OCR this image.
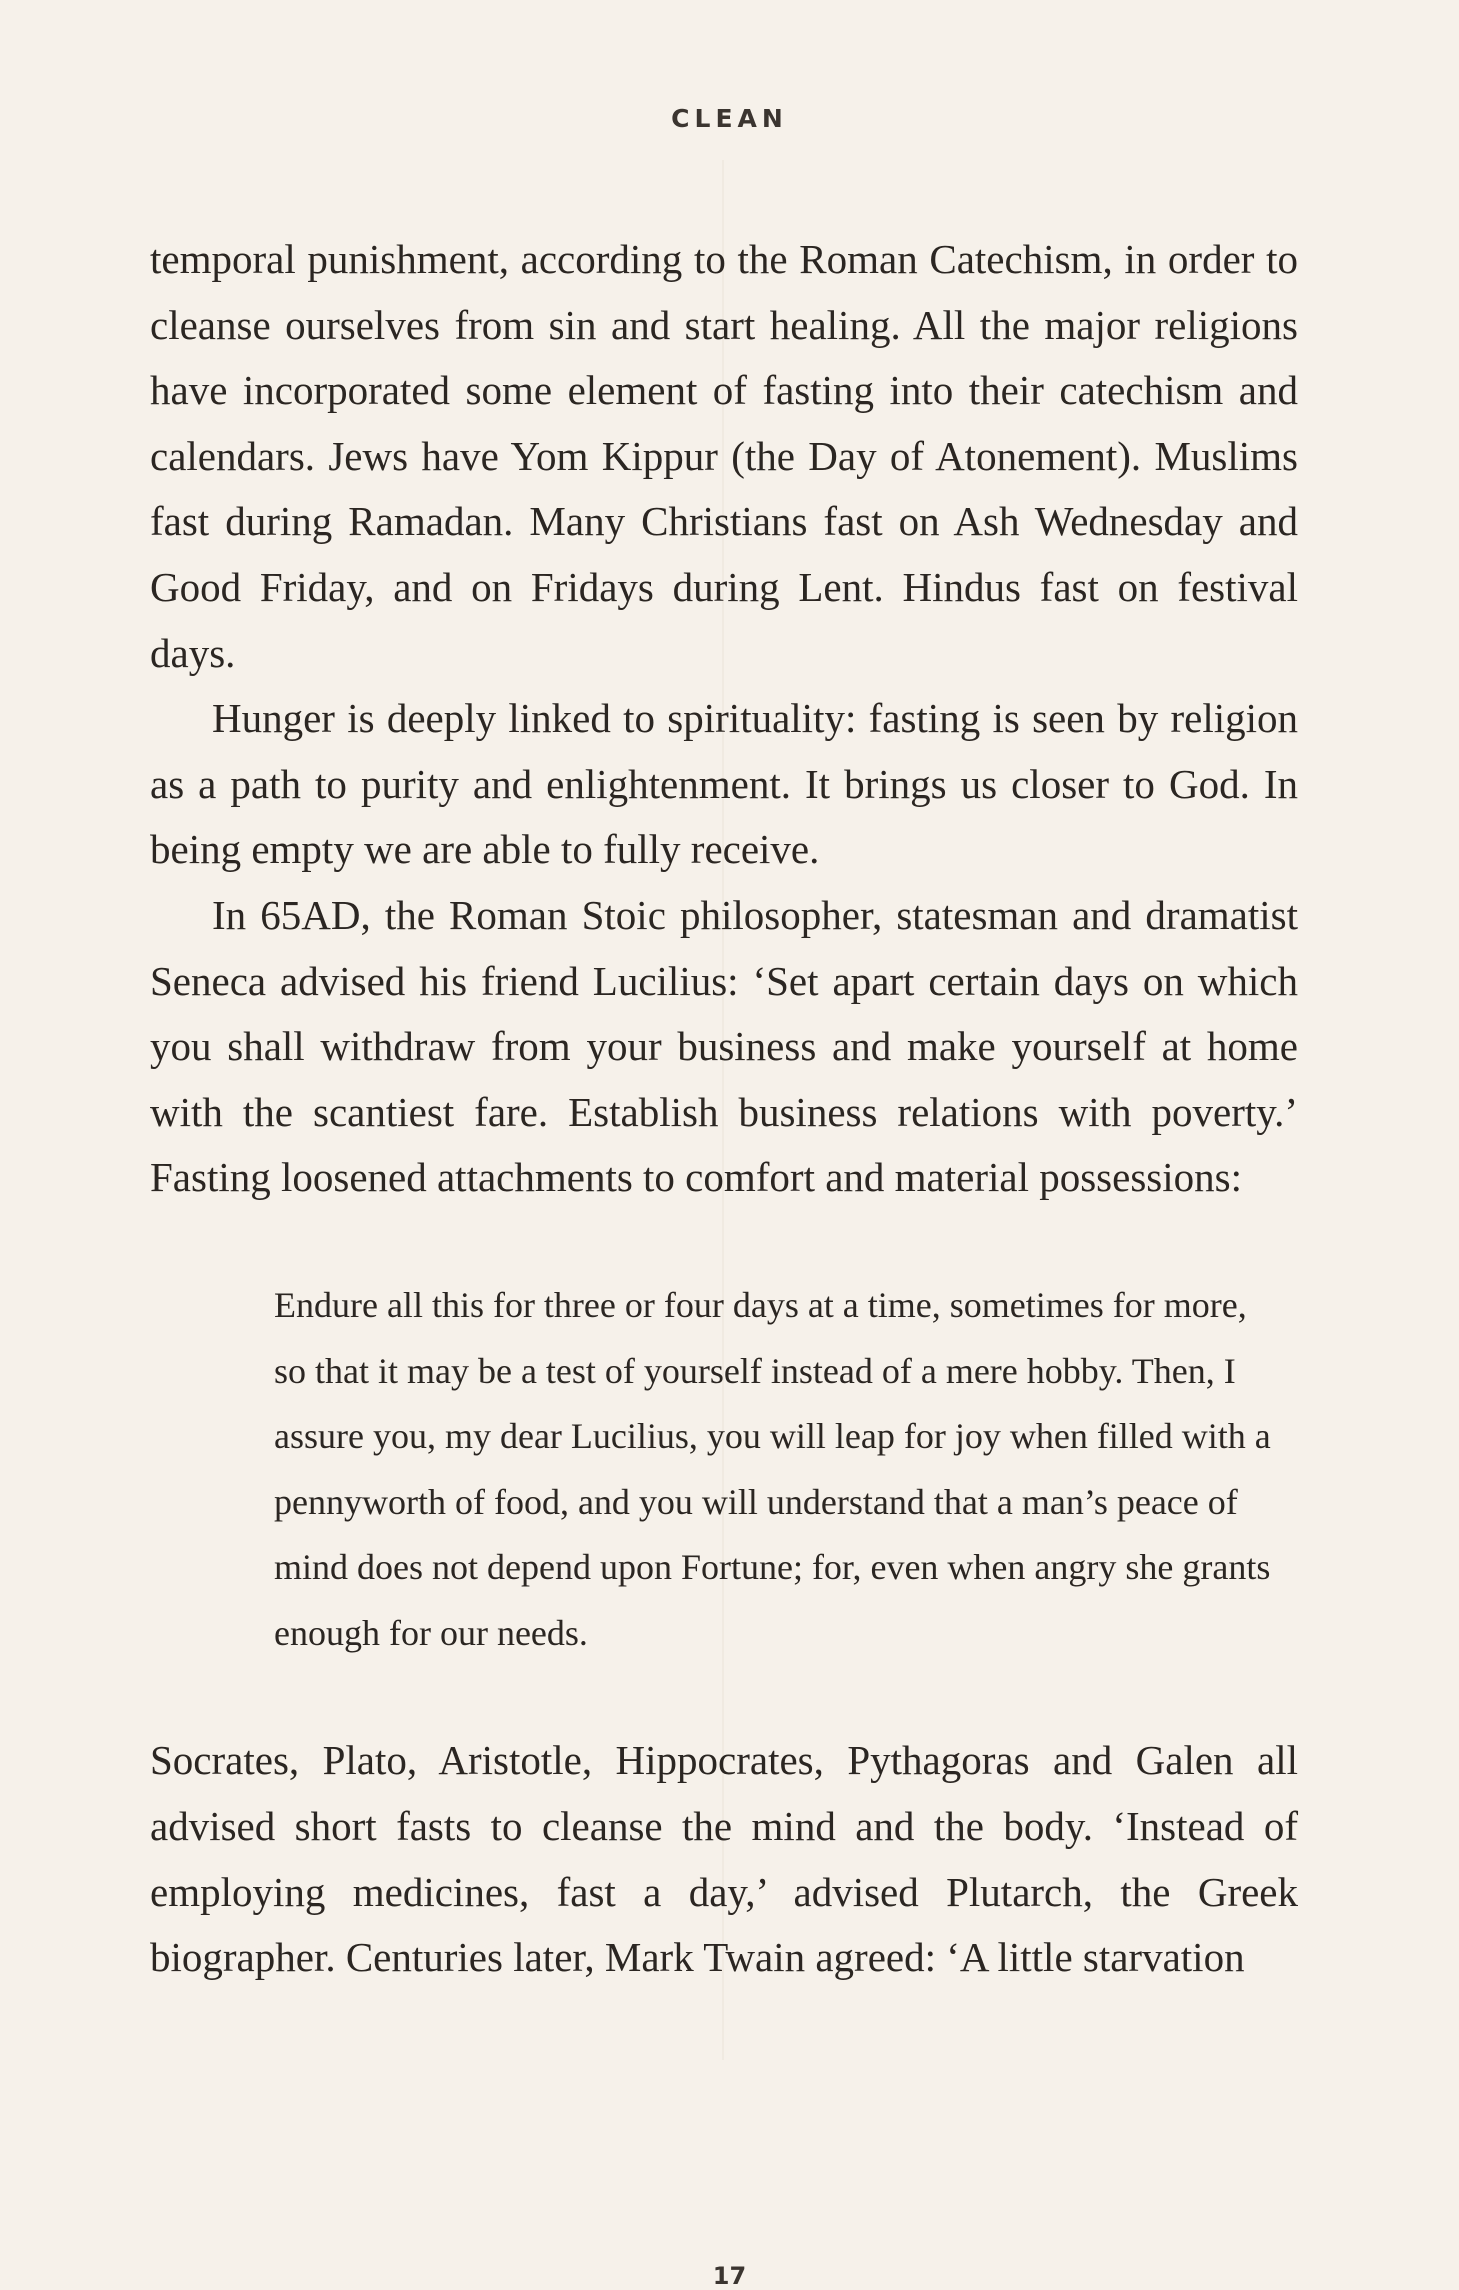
CLEAN

temporal punishment, according to the Roman Catechism, in order to cleanse ourselves from sin and start healing. All the major religions have incorporated some element of fasting into their catechism and calendars. Jews have Yom Kippur (the Day of Atonement). Muslims fast during Ramadan. Many Christians fast on Ash Wednesday and Good Friday, and on Fridays during Lent. Hindus fast on festival days.

Hunger is deeply linked to spirituality: fasting is seen by religion as a path to purity and enlightenment. It brings us closer to God. In being empty we are able to fully receive.

In 65AD, the Roman Stoic philosopher, statesman and dramatist Seneca advised his friend Lucilius: ‘Set apart certain days on which you shall withdraw from your business and make yourself at home with the scantiest fare. Establish business relations with poverty.’ Fasting loosened attachments to comfort and material possessions:

Endure all this for three or four days at a time, sometimes for more, so that it may be a test of yourself instead of a mere hobby. Then, I assure you, my dear Lucilius, you will leap for joy when filled with a pennyworth of food, and you will understand that a man’s peace of mind does not depend upon Fortune; for, even when angry she grants enough for our needs.

Socrates, Plato, Aristotle, Hippocrates, Pythagoras and Galen all advised short fasts to cleanse the mind and the body. ‘Instead of employing medicines, fast a day,’ advised Plutarch, the Greek biographer. Centuries later, Mark Twain agreed: ‘A little starvation

17
